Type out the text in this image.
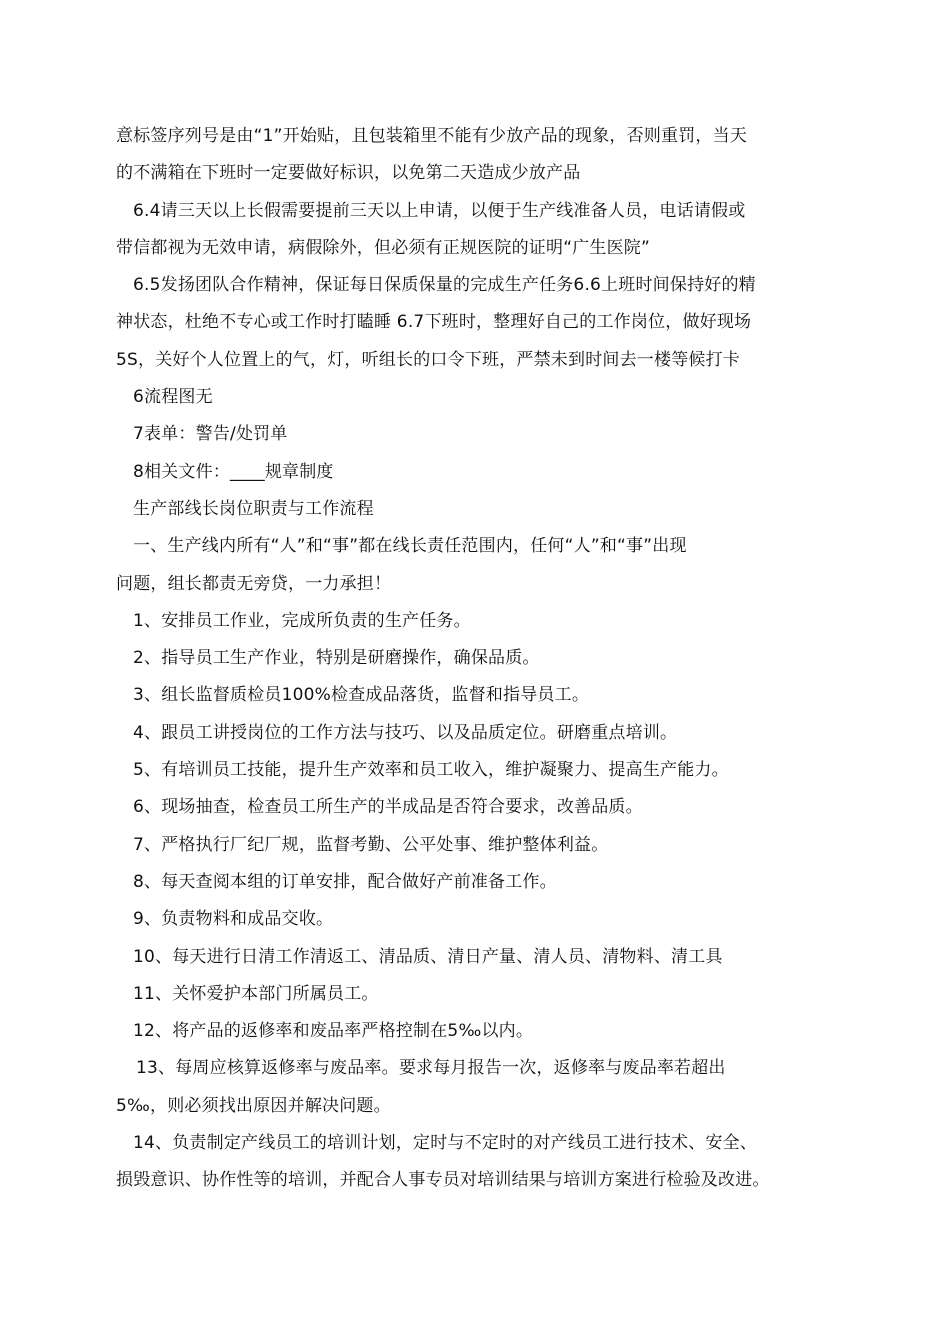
意标签序列号是由“1”开始贴，且包装箱里不能有少放产品的现象，否则重罚，当天

的不满箱在下班时一定要做好标识，以免第二天造成少放产品

6.4请三天以上长假需要提前三天以上申请，以便于生产线准备人员，电话请假或

带信都视为无效申请，病假除外，但必须有正规医院的证明“广生医院”

6.5发扬团队合作精神，保证每日保质保量的完成生产任务6.6上班时间保持好的精

神状态，杜绝不专心或工作时打瞌睡 6.7下班时，整理好自己的工作岗位，做好现场

5S，关好个人位置上的气，灯，听组长的口令下班，严禁未到时间去一楼等候打卡

6流程图无

7表单：警告/处罚单

8相关文件：____规章制度

生产部线长岗位职责与工作流程

一、生产线内所有“人”和“事”都在线长责任范围内，任何“人”和“事”出现

问题，组长都责无旁贷，一力承担！

1、安排员工作业，完成所负责的生产任务。

2、指导员工生产作业，特别是研磨操作，确保品质。

3、组长监督质检员100%检查成品落货，监督和指导员工。

4、跟员工讲授岗位的工作方法与技巧、以及品质定位。研磨重点培训。

5、有培训员工技能，提升生产效率和员工收入，维护凝聚力、提高生产能力。

6、现场抽查，检查员工所生产的半成品是否符合要求，改善品质。

7、严格执行厂纪厂规，监督考勤、公平处事、维护整体利益。

8、每天查阅本组的订单安排，配合做好产前准备工作。

9、负责物料和成品交收。

10、每天进行日清工作清返工、清品质、清日产量、清人员、清物料、清工具

11、关怀爱护本部门所属员工。

12、将产品的返修率和废品率严格控制在5‰以内。

13、每周应核算返修率与废品率。要求每月报告一次，返修率与废品率若超出

5‰，则必须找出原因并解决问题。

14、负责制定产线员工的培训计划，定时与不定时的对产线员工进行技术、安全、

损毁意识、协作性等的培训，并配合人事专员对培训结果与培训方案进行检验及改进。
